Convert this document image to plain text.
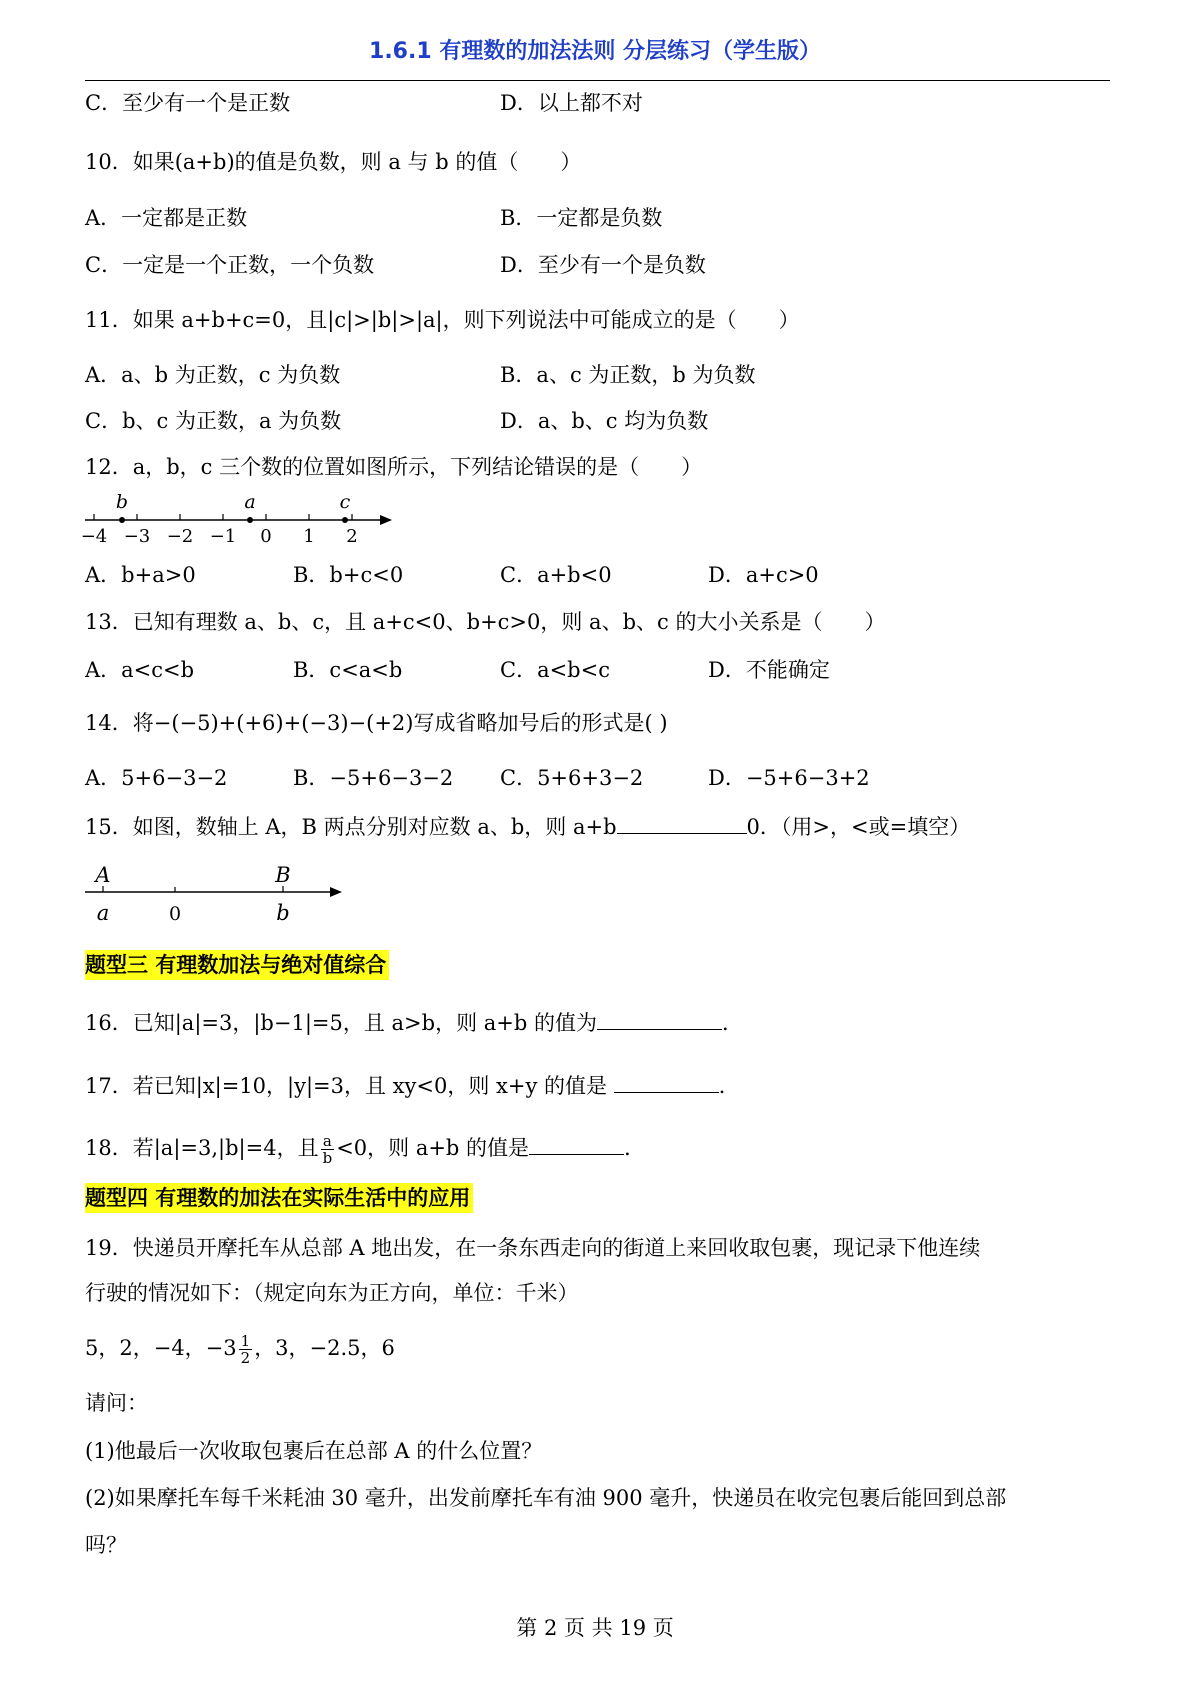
1.6.1 有理数的加法法则 分层练习（学生版）
C．至少有一个是正数	D．以上都不对
10．如果(a+b)的值是负数，则 a 与 b 的值（　　）
A．一定都是正数	B．一定都是负数
C．一定是一个正数，一个负数	D．至少有一个是负数
11．如果 a+b+c=0，且|c|>|b|>|a|，则下列说法中可能成立的是（　　）
A．a、b 为正数，c 为负数	B．a、c 为正数，b 为负数
C．b、c 为正数，a 为负数	D．a、b、c 均为负数
12．a，b，c 三个数的位置如图所示，下列结论错误的是（　　）
−4 −3 −2 −1 0 1 2
b	a	c
A．b+a>0	B．b+c<0	C．a+b<0	D．a+c>0
13．已知有理数 a、b、c，且 a+c<0、b+c>0，则 a、b、c 的大小关系是（　　）
A．a<c<b	B．c<a<b	C．a<b<c	D．不能确定
14．将−(−5)+(+6)+(−3)−(+2)写成省略加号后的形式是( )
A．5+6−3−2	B．−5+6−3−2 C．5+6+3−2	D．−5+6−3+2
15．如图，数轴上 A，B 两点分别对应数 a、b，则 a+b	0．（用>，<或=填空）
A	B
a	0	b
题型三 有理数加法与绝对值综合
16．已知|a|=3，|b−1|=5，且 a>b，则 a+b 的值为	．
17．若已知|x|=10，|y|=3，且 xy<0，则 x+y 的值是	．
18．若|a|=3,|b|=4，且 $\frac{a}{b} <0$，则 a+b 的值是	．
题型四 有理数的加法在实际生活中的应用
19．快递员开摩托车从总部 A 地出发，在一条东西走向的街道上来回收取包裹，现记录下他连续
行驶的情况如下：（规定向东为正方向，单位：千米）
5，2，−4，$-3 \frac{1}{2}$ ，3，−2.5，6
请问：
(1)他最后一次收取包裹后在总部 A 的什么位置？
(2)如果摩托车每千米耗油 30 毫升，出发前摩托车有油 900 毫升，快递员在收完包裹后能回到总部
吗？
第 2 页 共 19 页
